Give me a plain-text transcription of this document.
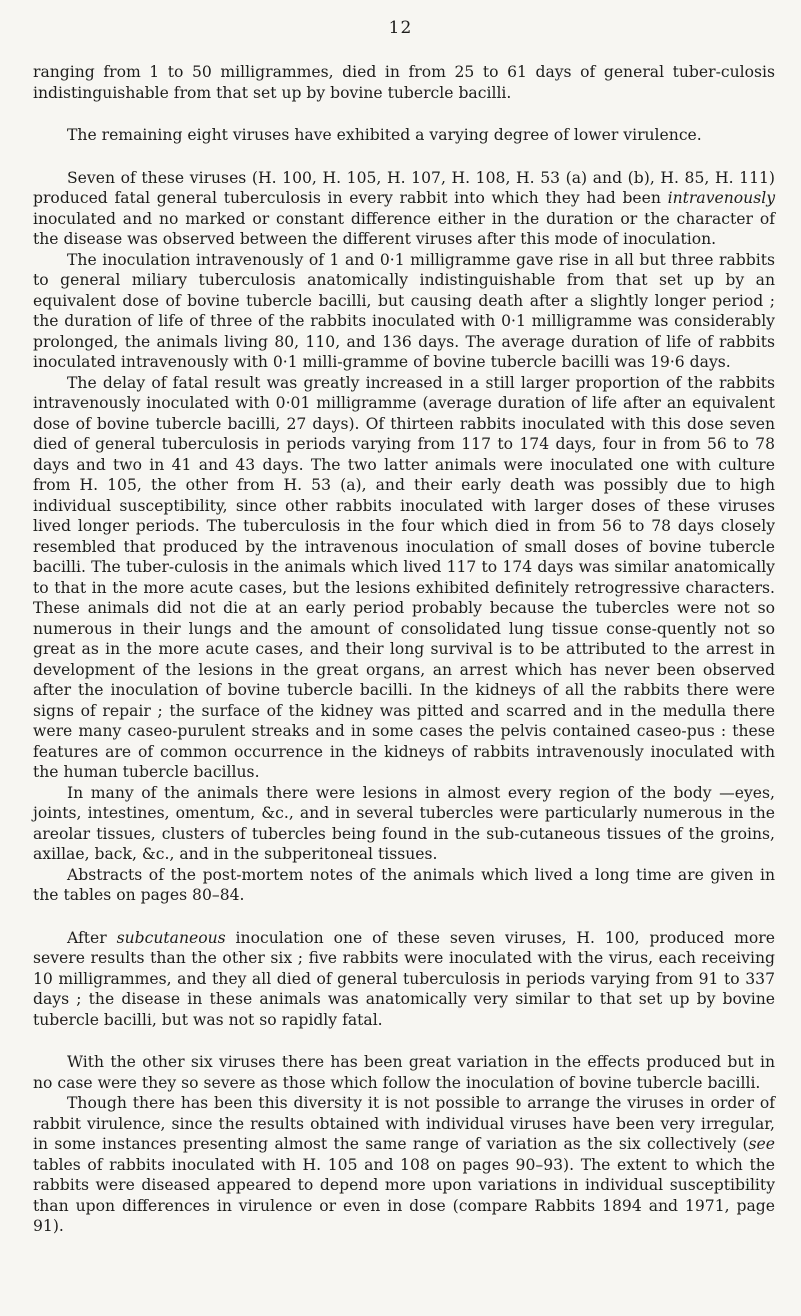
12

ranging from 1 to 50 milligrammes, died in from 25 to 61 days of general tuber-culosis indistinguishable from that set up by bovine tubercle bacilli.

The remaining eight viruses have exhibited a varying degree of lower virulence.

Seven of these viruses (H. 100, H. 105, H. 107, H. 108, H. 53 (a) and (b), H. 85, H. 111) produced fatal general tuberculosis in every rabbit into which they had been intravenously inoculated and no marked or constant difference either in the duration or the character of the disease was observed between the different viruses after this mode of inoculation.

The inoculation intravenously of 1 and 0·1 milligramme gave rise in all but three rabbits to general miliary tuberculosis anatomically indistinguishable from that set up by an equivalent dose of bovine tubercle bacilli, but causing death after a slightly longer period ; the duration of life of three of the rabbits inoculated with 0·1 milligramme was considerably prolonged, the animals living 80, 110, and 136 days. The average duration of life of rabbits inoculated intravenously with 0·1 milli-gramme of bovine tubercle bacilli was 19·6 days.

The delay of fatal result was greatly increased in a still larger proportion of the rabbits intravenously inoculated with 0·01 milligramme (average duration of life after an equivalent dose of bovine tubercle bacilli, 27 days). Of thirteen rabbits inoculated with this dose seven died of general tuberculosis in periods varying from 117 to 174 days, four in from 56 to 78 days and two in 41 and 43 days. The two latter animals were inoculated one with culture from H. 105, the other from H. 53 (a), and their early death was possibly due to high individual susceptibility, since other rabbits inoculated with larger doses of these viruses lived longer periods. The tuberculosis in the four which died in from 56 to 78 days closely resembled that produced by the intravenous inoculation of small doses of bovine tubercle bacilli. The tuber-culosis in the animals which lived 117 to 174 days was similar anatomically to that in the more acute cases, but the lesions exhibited definitely retrogressive characters. These animals did not die at an early period probably because the tubercles were not so numerous in their lungs and the amount of consolidated lung tissue conse-quently not so great as in the more acute cases, and their long survival is to be attributed to the arrest in development of the lesions in the great organs, an arrest which has never been observed after the inoculation of bovine tubercle bacilli. In the kidneys of all the rabbits there were signs of repair ; the surface of the kidney was pitted and scarred and in the medulla there were many caseo-purulent streaks and in some cases the pelvis contained caseo-pus : these features are of common occurrence in the kidneys of rabbits intravenously inoculated with the human tubercle bacillus.

In many of the animals there were lesions in almost every region of the body —eyes, joints, intestines, omentum, &c., and in several tubercles were particularly numerous in the areolar tissues, clusters of tubercles being found in the sub-cutaneous tissues of the groins, axillae, back, &c., and in the subperitoneal tissues.

Abstracts of the post-mortem notes of the animals which lived a long time are given in the tables on pages 80–84.

After subcutaneous inoculation one of these seven viruses, H. 100, produced more severe results than the other six ; five rabbits were inoculated with the virus, each receiving 10 milligrammes, and they all died of general tuberculosis in periods varying from 91 to 337 days ; the disease in these animals was anatomically very similar to that set up by bovine tubercle bacilli, but was not so rapidly fatal.

With the other six viruses there has been great variation in the effects produced but in no case were they so severe as those which follow the inoculation of bovine tubercle bacilli.

Though there has been this diversity it is not possible to arrange the viruses in order of rabbit virulence, since the results obtained with individual viruses have been very irregular, in some instances presenting almost the same range of variation as the six collectively (see tables of rabbits inoculated with H. 105 and 108 on pages 90–93). The extent to which the rabbits were diseased appeared to depend more upon variations in individual susceptibility than upon differences in virulence or even in dose (compare Rabbits 1894 and 1971, page 91).
